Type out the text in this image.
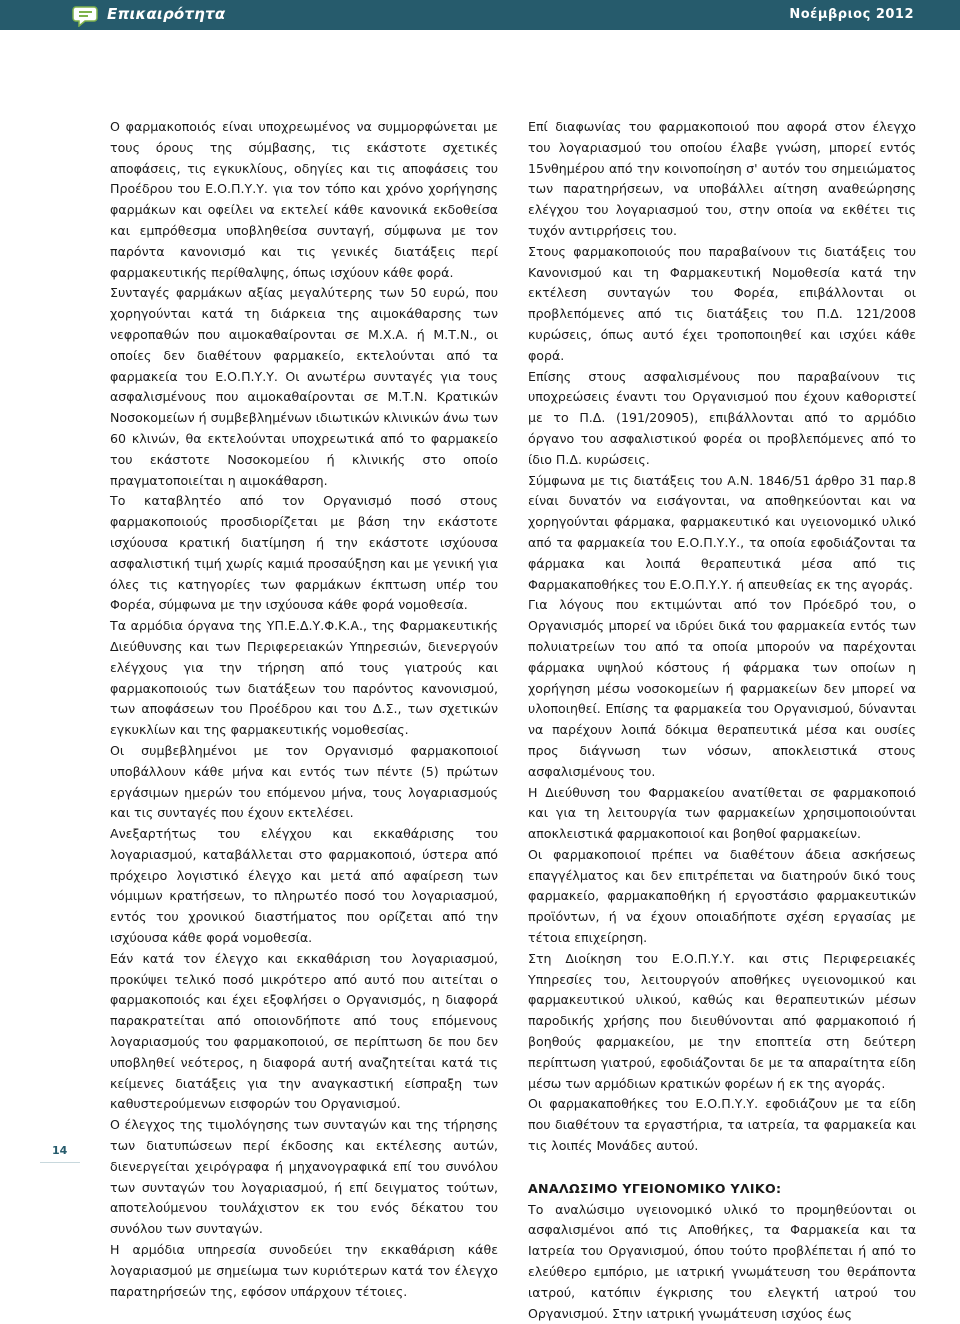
Επικαιρότητα	Νοέμβριος 2012

Ο φαρμακοποιός είναι υποχρεωμένος να συμμορφώνεται με τους όρους της σύμβασης, τις εκάστοτε σχετικές αποφάσεις, τις εγκυκλίους, οδηγίες και τις αποφάσεις του Προέδρου του Ε.Ο.Π.Υ.Υ. για τον τόπο και χρόνο χορήγησης φαρμάκων και οφείλει να εκτελεί κάθε κανονικά εκδοθείσα και εμπρόθεσμα υποβληθείσα συνταγή, σύμφωνα με τον παρόντα κανονισμό και τις γενικές διατάξεις περί φαρμακευτικής περίθαλψης, όπως ισχύουν κάθε φορά.

Συνταγές φαρμάκων αξίας μεγαλύτερης των 50 ευρώ, που χορηγούνται κατά τη διάρκεια της αιμοκάθαρσης των νεφροπαθών που αιμοκαθαίρονται σε Μ.Χ.Α. ή Μ.Τ.Ν., οι οποίες δεν διαθέτουν φαρμακείο, εκτελούνται από τα φαρμακεία του Ε.Ο.Π.Υ.Υ. Οι ανωτέρω συνταγές για τους ασφαλισμένους που αιμοκαθαίρονται σε Μ.Τ.Ν. Κρατικών Νοσοκομείων ή συμβεβλημένων ιδιωτικών κλινικών άνω των 60 κλινών, θα εκτελούνται υποχρεωτικά από το φαρμακείο του εκάστοτε Νοσοκομείου ή κλινικής στο οποίο πραγματοποιείται η αιμοκάθαρση.

Το καταβλητέο από τον Οργανισμό ποσό στους φαρμακοποιούς προσδιορίζεται με βάση την εκάστοτε ισχύουσα κρατική διατίμηση ή την εκάστοτε ισχύουσα ασφαλιστική τιμή χωρίς καμιά προσαύξηση και με γενική για όλες τις κατηγορίες των φαρμάκων έκπτωση υπέρ του Φορέα, σύμφωνα με την ισχύουσα κάθε φορά νομοθεσία.

Τα αρμόδια όργανα της ΥΠ.Ε.Δ.Υ.Φ.Κ.Α., της Φαρμακευτικής Διεύθυνσης και των Περιφερειακών Υπηρεσιών, διενεργούν ελέγχους για την τήρηση από τους γιατρούς και φαρμακοποιούς των διατάξεων του παρόντος κανονισμού, των αποφάσεων του Προέδρου και του Δ.Σ., των σχετικών εγκυκλίων και της φαρμακευτικής νομοθεσίας.

Οι συμβεβλημένοι με τον Οργανισμό φαρμακοποιοί υποβάλλουν κάθε μήνα και εντός των πέντε (5) πρώτων εργάσιμων ημερών του επόμενου μήνα, τους λογαριασμούς και τις συνταγές που έχουν εκτελέσει.

Ανεξαρτήτως του ελέγχου και εκκαθάρισης του λογαριασμού, καταβάλλεται στο φαρμακοποιό, ύστερα από πρόχειρο λογιστικό έλεγχο και μετά από αφαίρεση των νόμιμων κρατήσεων, το πληρωτέο ποσό του λογαριασμού, εντός του χρονικού διαστήματος που ορίζεται από την ισχύουσα κάθε φορά νομοθεσία.

Εάν κατά τον έλεγχο και εκκαθάριση του λογαριασμού, προκύψει τελικό ποσό μικρότερο από αυτό που αιτείται ο φαρμακοποιός και έχει εξοφλήσει ο Οργανισμός, η διαφορά παρακρατείται από οποιονδήποτε από τους επόμενους λογαριασμούς του φαρμακοποιού, σε περίπτωση δε που δεν υποβληθεί νεότερος, η διαφορά αυτή αναζητείται κατά τις κείμενες διατάξεις για την αναγκαστική είσπραξη των καθυστερούμενων εισφορών του Οργανισμού.

Ο έλεγχος της τιμολόγησης των συνταγών και της τήρησης των διατυπώσεων περί έκδοσης και εκτέλεσης αυτών, διενεργείται χειρόγραφα ή μηχανογραφικά επί του συνόλου των συνταγών του λογαριασμού, ή επί δειγματος τούτων, αποτελούμενου τουλάχιστον εκ του ενός δέκατου του συνόλου των συνταγών.

Η αρμόδια υπηρεσία συνοδεύει την εκκαθάριση κάθε λογαριασμού με σημείωμα των κυριότερων κατά τον έλεγχο παρατηρήσεών της, εφόσον υπάρχουν τέτοιες.

Επί διαφωνίας του φαρμακοποιού που αφορά στον έλεγχο του λογαριασμού του οποίου έλαβε γνώση, μπορεί εντός 15νθημέρου από την κοινοποίηση σ' αυτόν του σημειώματος των παρατηρήσεων, να υποβάλλει αίτηση αναθεώρησης ελέγχου του λογαριασμού του, στην οποία να εκθέτει τις τυχόν αντιρρήσεις του.

Στους φαρμακοποιούς που παραβαίνουν τις διατάξεις του Κανονισμού και τη Φαρμακευτική Νομοθεσία κατά την εκτέλεση συνταγών του Φορέα, επιβάλλονται οι προβλεπόμενες από τις διατάξεις του Π.Δ. 121/2008 κυρώσεις, όπως αυτό έχει τροποποιηθεί και ισχύει κάθε φορά.

Επίσης στους ασφαλισμένους που παραβαίνουν τις υποχρεώσεις έναντι του Οργανισμού που έχουν καθοριστεί με το Π.Δ. (191/20905), επιβάλλονται από το αρμόδιο όργανο του ασφαλιστικού φορέα οι προβλεπόμενες από το ίδιο Π.Δ. κυρώσεις.

Σύμφωνα με τις διατάξεις του Α.Ν. 1846/51 άρθρο 31 παρ.8 είναι δυνατόν να εισάγονται, να αποθηκεύονται και να χορηγούνται φάρμακα, φαρμακευτικό και υγειονομικό υλικό από τα φαρμακεία του Ε.Ο.Π.Υ.Υ., τα οποία εφοδιάζονται τα φάρμακα και λοιπά θεραπευτικά μέσα από τις Φαρμακαποθήκες του Ε.Ο.Π.Υ.Υ. ή απευθείας εκ της αγοράς.

Για λόγους που εκτιμώνται από τον Πρόεδρό του, ο Οργανισμός μπορεί να ιδρύει δικά του φαρμακεία εντός των πολυιατρείων του από τα οποία μπορούν να παρέχονται φάρμακα υψηλού κόστους ή φάρμακα των οποίων η χορήγηση μέσω νοσοκομείων ή φαρμακείων δεν μπορεί να υλοποιηθεί. Επίσης τα φαρμακεία του Οργανισμού, δύνανται να παρέχουν λοιπά δόκιμα θεραπευτικά μέσα και ουσίες προς διάγνωση των νόσων, αποκλειστικά στους ασφαλισμένους του.

Η Διεύθυνση του Φαρμακείου ανατίθεται σε φαρμακοποιό και για τη λειτουργία των φαρμακείων χρησιμοποιούνται αποκλειστικά φαρμακοποιοί και βοηθοί φαρμακείων.

Οι φαρμακοποιοί πρέπει να διαθέτουν άδεια ασκήσεως επαγγέλματος και δεν επιτρέπεται να διατηρούν δικό τους φαρμακείο, φαρμακαποθήκη ή εργοστάσιο φαρμακευτικών προϊόντων, ή να έχουν οποιαδήποτε σχέση εργασίας με τέτοια επιχείρηση.

Στη Διοίκηση του Ε.Ο.Π.Υ.Υ. και στις Περιφερειακές Υπηρεσίες του, λειτουργούν αποθήκες υγειονομικού και φαρμακευτικού υλικού, καθώς και θεραπευτικών μέσων παροδικής χρήσης που διευθύνονται από φαρμακοποιό ή βοηθούς φαρμακείου, με την εποπτεία στη δεύτερη περίπτωση γιατρού, εφοδιάζονται δε με τα απαραίτητα είδη μέσω των αρμόδιων κρατικών φορέων ή εκ της αγοράς.

Οι φαρμακαποθήκες του Ε.Ο.Π.Υ.Υ. εφοδιάζουν με τα είδη που διαθέτουν τα εργαστήρια, τα ιατρεία, τα φαρμακεία και τις λοιπές Μονάδες αυτού.

ΑΝΑΛΩΣΙΜΟ ΥΓΕΙΟΝΟΜΙΚΟ ΥΛΙΚΟ:

Το αναλώσιμο υγειονομικό υλικό το προμηθεύονται οι ασφαλισμένοι από τις Αποθήκες, τα Φαρμακεία και τα Ιατρεία του Οργανισμού, όπου τούτο προβλέπεται ή από το ελεύθερο εμπόριο, με ιατρική γνωμάτευση του θεράποντα ιατρού, κατόπιν έγκρισης του ελεγκτή ιατρού του Οργανισμού. Στην ιατρική γνωμάτευση ισχύος έως

14
